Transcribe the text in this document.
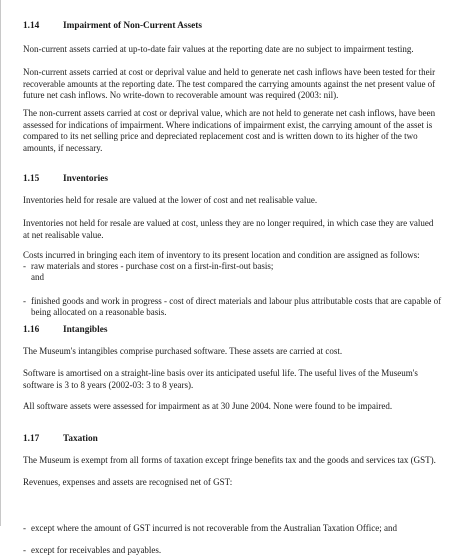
1.14	Impairment of Non-Current Assets

Non-current assets carried at up-to-date fair values at the reporting date are no subject to impairment testing.

Non-current assets carried at cost or deprival value and held to generate net cash inflows have been tested for their recoverable amounts at the reporting date. The test compared the carrying amounts against the net present value of future net cash inflows. No write-down to recoverable amount was required (2003: nil).

The non-current assets carried at cost or deprival value, which are not held to generate net cash inflows, have been assessed for indications of impairment. Where indications of impairment exist, the carrying amount of the asset is compared to its net selling price and depreciated replacement cost and is written down to its higher of the two amounts, if necessary.

1.15	Inventories

Inventories held for resale are valued at the lower of cost and net realisable value.

Inventories not held for resale are valued at cost, unless they are no longer required, in which case they are valued at net realisable value.

Costs incurred in bringing each item of inventory to its present location and condition are assigned as follows:

- raw materials and stores - purchase cost on a first-in-first-out basis;
and
- finished goods and work in progress - cost of direct materials and labour plus attributable costs that are capable of being allocated on a reasonable basis.
1.16	Intangibles

The Museum's intangibles comprise purchased software. These assets are carried at cost.

Software is amortised on a straight-line basis over its anticipated useful life. The useful lives of the Museum's software is 3 to 8 years (2002-03: 3 to 8 years).

All software assets were assessed for impairment as at 30 June 2004. None were found to be impaired.

1.17	Taxation

The Museum is exempt from all forms of taxation except fringe benefits tax and the goods and services tax (GST).

Revenues, expenses and assets are recognised net of GST:

- except where the amount of GST incurred is not recoverable from the Australian Taxation Office; and
- except for receivables and payables.
